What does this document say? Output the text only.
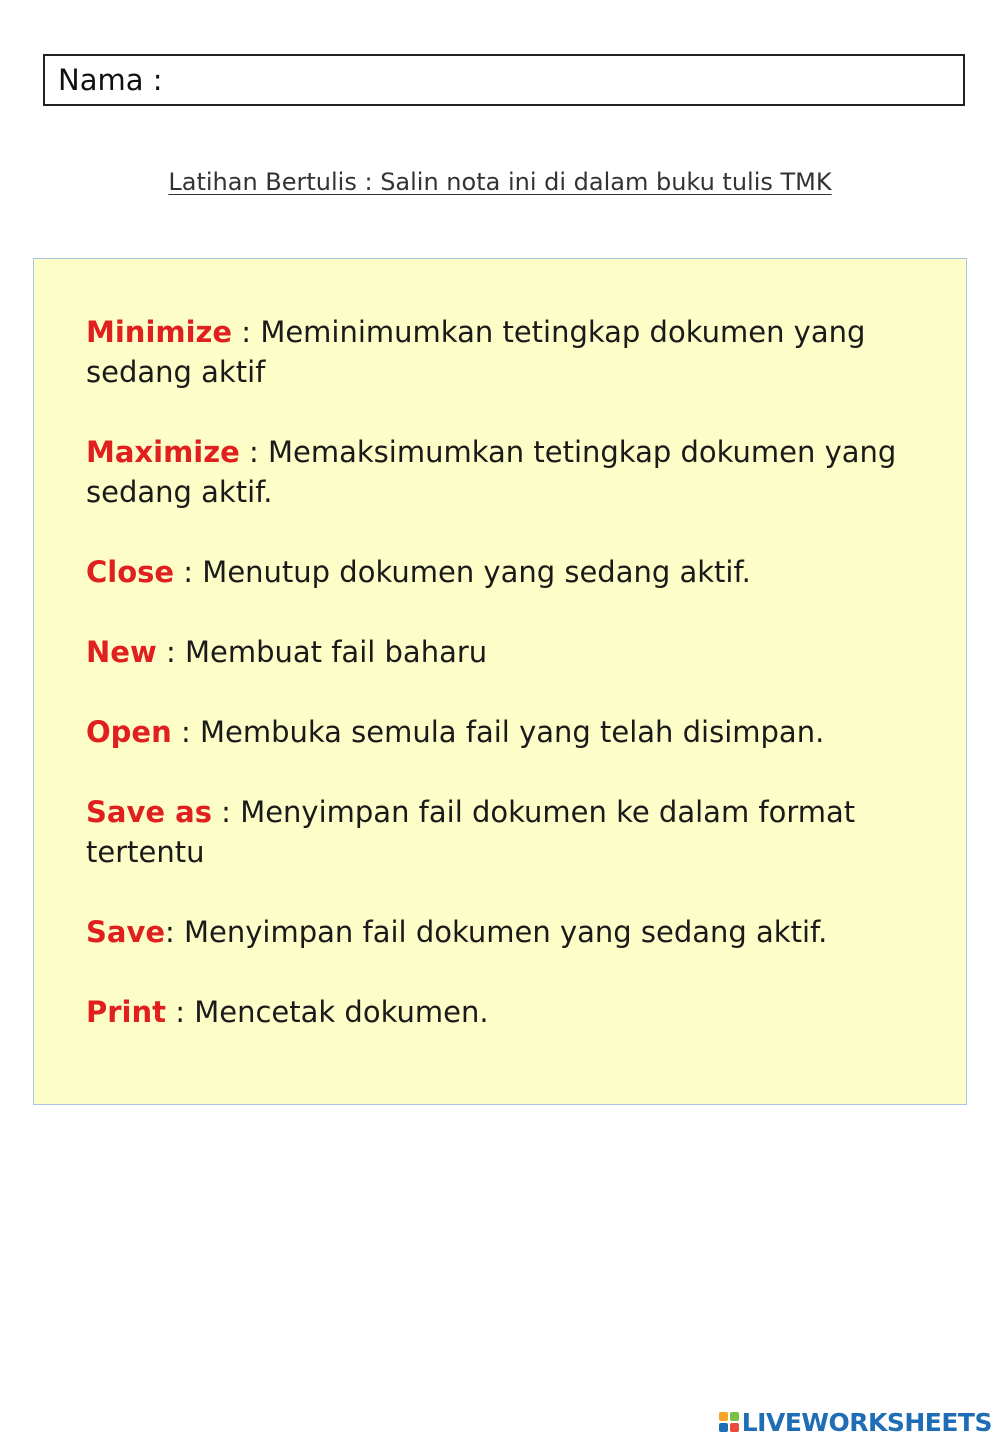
Nama :
Latihan Bertulis : Salin nota ini di dalam buku tulis TMK
Minimize : Meminimumkan tetingkap dokumen yang sedang aktif
Maximize : Memaksimumkan tetingkap dokumen yang sedang aktif.
Close : Menutup dokumen yang sedang aktif.
New : Membuat fail baharu
Open : Membuka semula fail yang telah disimpan.
Save as : Menyimpan fail dokumen ke dalam format tertentu
Save: Menyimpan fail dokumen yang sedang aktif.
Print : Mencetak dokumen.
LIVEWORKSHEETS
